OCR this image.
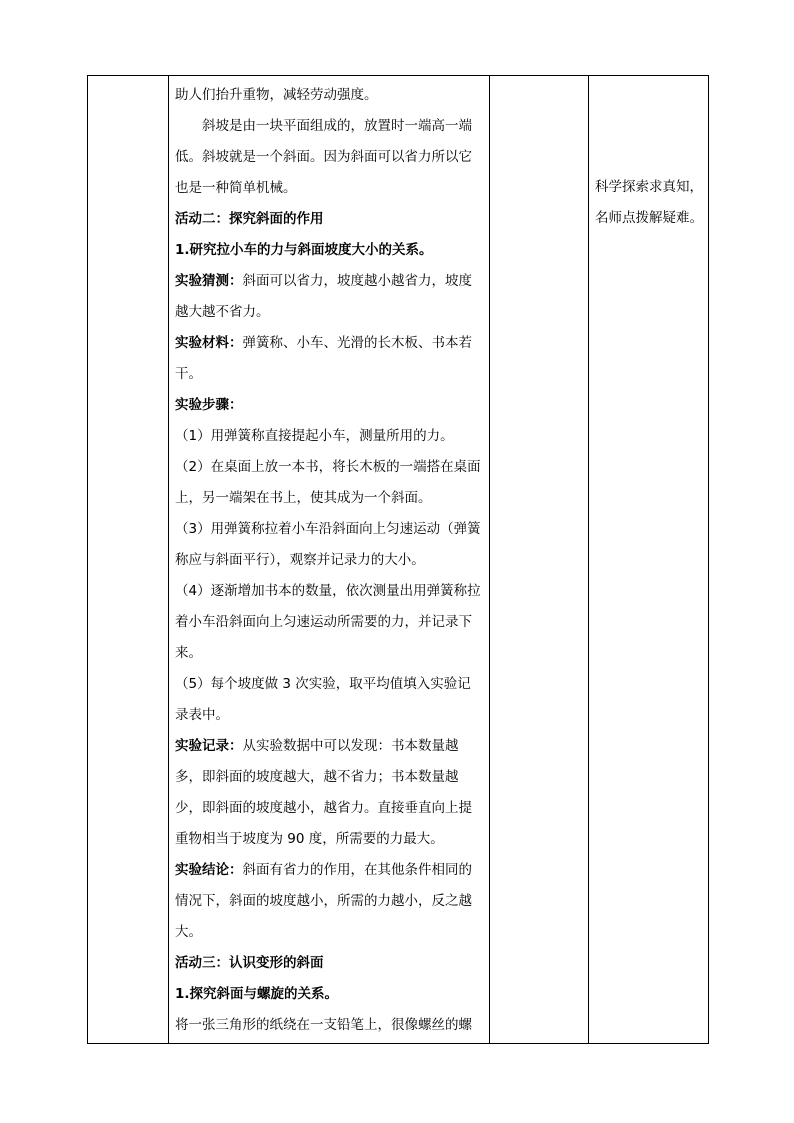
助人们抬升重物，减轻劳动强度。

斜坡是由一块平面组成的，放置时一端高一端低。斜坡就是一个斜面。因为斜面可以省力所以它也是一种简单机械。

活动二：探究斜面的作用

1.研究拉小车的力与斜面坡度大小的关系。

实验猜测：斜面可以省力，坡度越小越省力，坡度越大越不省力。

实验材料：弹簧称、小车、光滑的长木板、书本若干。

实验步骤：

（1）用弹簧称直接提起小车，测量所用的力。

（2）在桌面上放一本书，将长木板的一端搭在桌面上，另一端架在书上，使其成为一个斜面。

（3）用弹簧称拉着小车沿斜面向上匀速运动（弹簧称应与斜面平行），观察并记录力的大小。

（4）逐渐增加书本的数量，依次测量出用弹簧称拉着小车沿斜面向上匀速运动所需要的力，并记录下来。

（5）每个坡度做 3 次实验，取平均值填入实验记录表中。

实验记录：从实验数据中可以发现：书本数量越多，即斜面的坡度越大，越不省力；书本数量越少，即斜面的坡度越小，越省力。直接垂直向上提重物相当于坡度为 90 度，所需要的力最大。

实验结论：斜面有省力的作用，在其他条件相同的情况下，斜面的坡度越小，所需的力越小，反之越大。

活动三：认识变形的斜面

1.探究斜面与螺旋的关系。

将一张三角形的纸绕在一支铅笔上，很像螺丝的螺

科学探索求真知，

名师点拨解疑难。
